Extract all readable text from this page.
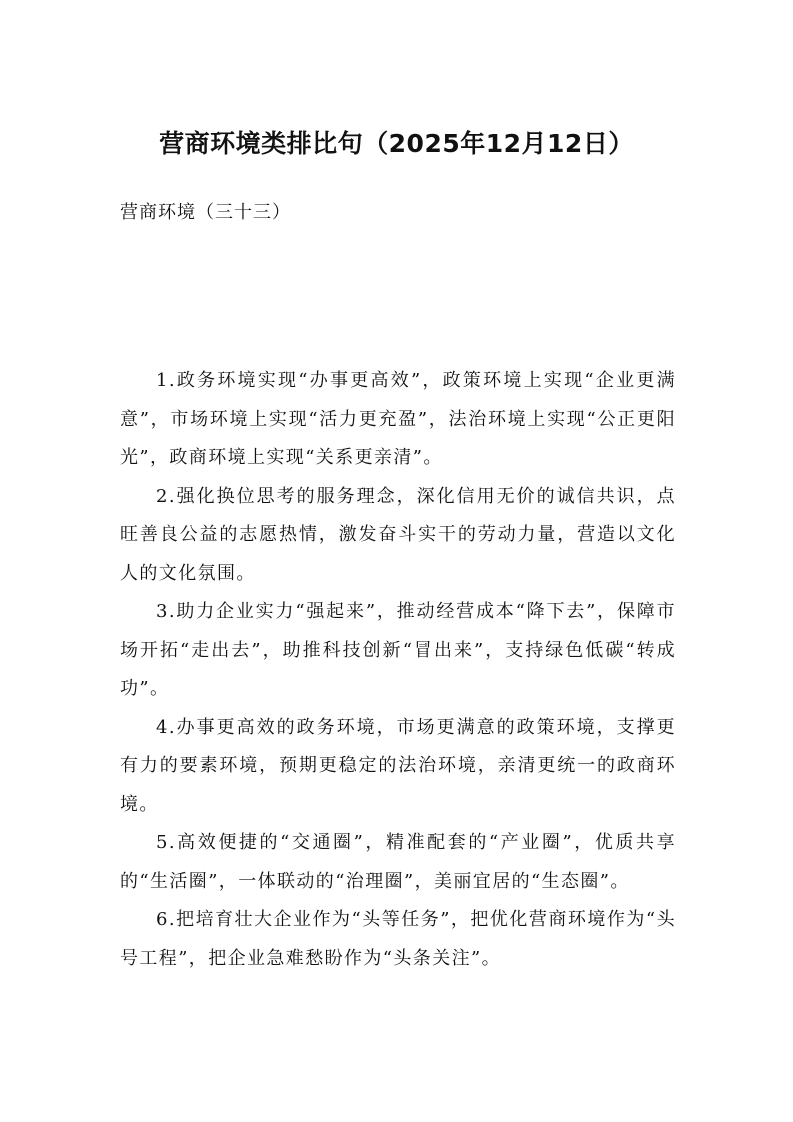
营商环境类排比句（2025年12月12日）
营商环境（三十三）

1.政务环境实现“办事更高效”，政策环境上实现“企业更满意”，市场环境上实现“活力更充盈”，法治环境上实现“公正更阳光”，政商环境上实现“关系更亲清”。

2.强化换位思考的服务理念，深化信用无价的诚信共识，点旺善良公益的志愿热情，激发奋斗实干的劳动力量，营造以文化人的文化氛围。

3.助力企业实力“强起来”，推动经营成本“降下去”，保障市场开拓“走出去”，助推科技创新“冒出来”，支持绿色低碳“转成功”。

4.办事更高效的政务环境，市场更满意的政策环境，支撑更有力的要素环境，预期更稳定的法治环境，亲清更统一的政商环境。

5.高效便捷的“交通圈”，精准配套的“产业圈”，优质共享的“生活圈”，一体联动的“治理圈”，美丽宜居的“生态圈”。

6.把培育壮大企业作为“头等任务”，把优化营商环境作为“头号工程”，把企业急难愁盼作为“头条关注”。
